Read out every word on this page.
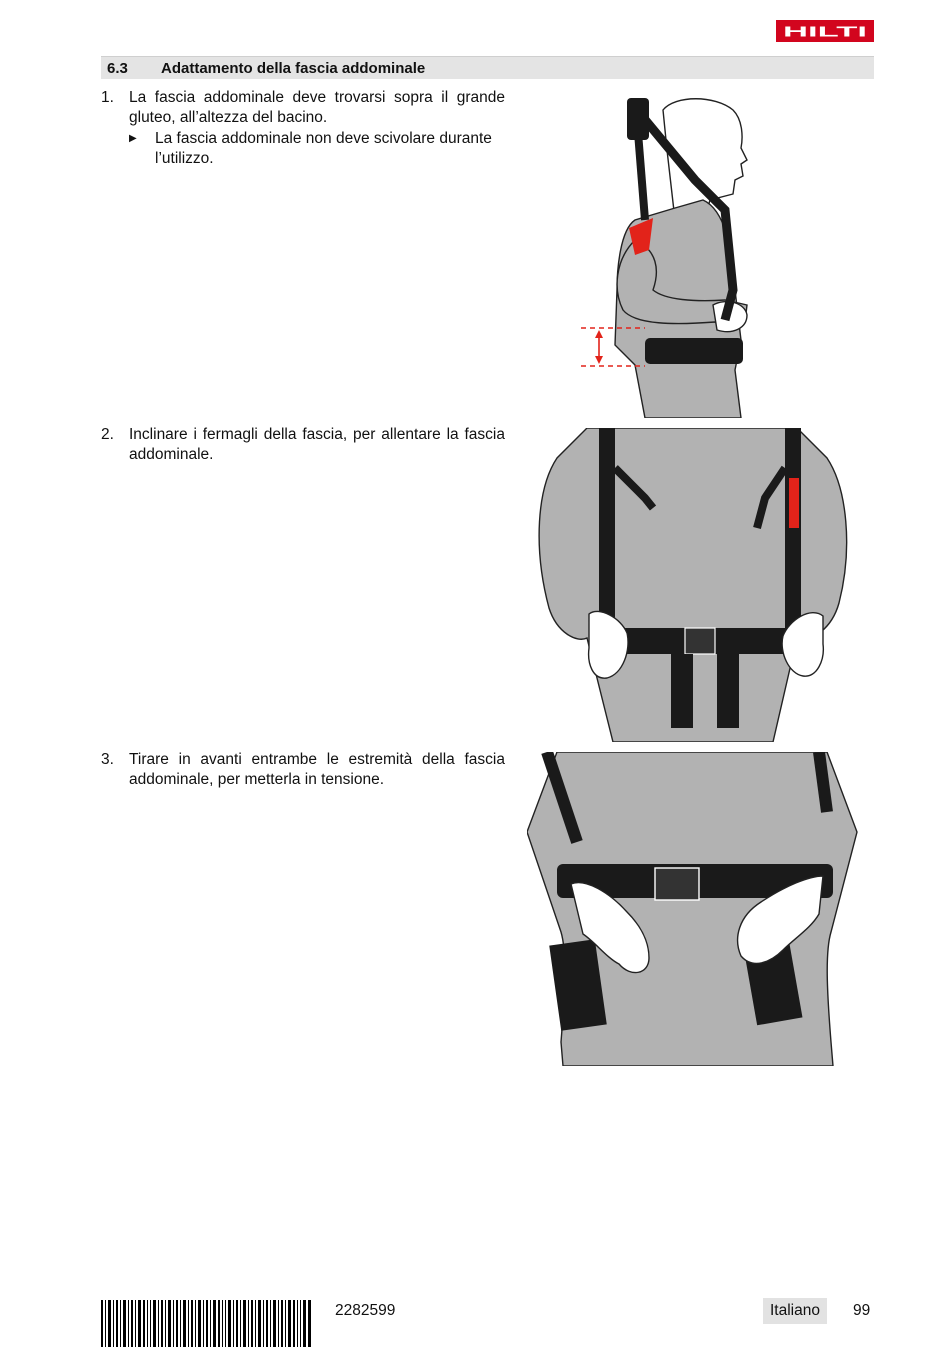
HILTI
6.3 Adattamento della fascia addominale
1. La fascia addominale deve trovarsi sopra il grande gluteo, all’altezza del bacino.
▶ La fascia addominale non deve scivolare durante l’utilizzo.
2. Inclinare i fermagli della fascia, per allentare la fascia addominale.
3. Tirare in avanti entrambe le estremità della fascia addominale, per metterla in tensione.
2282599	Italiano	99
